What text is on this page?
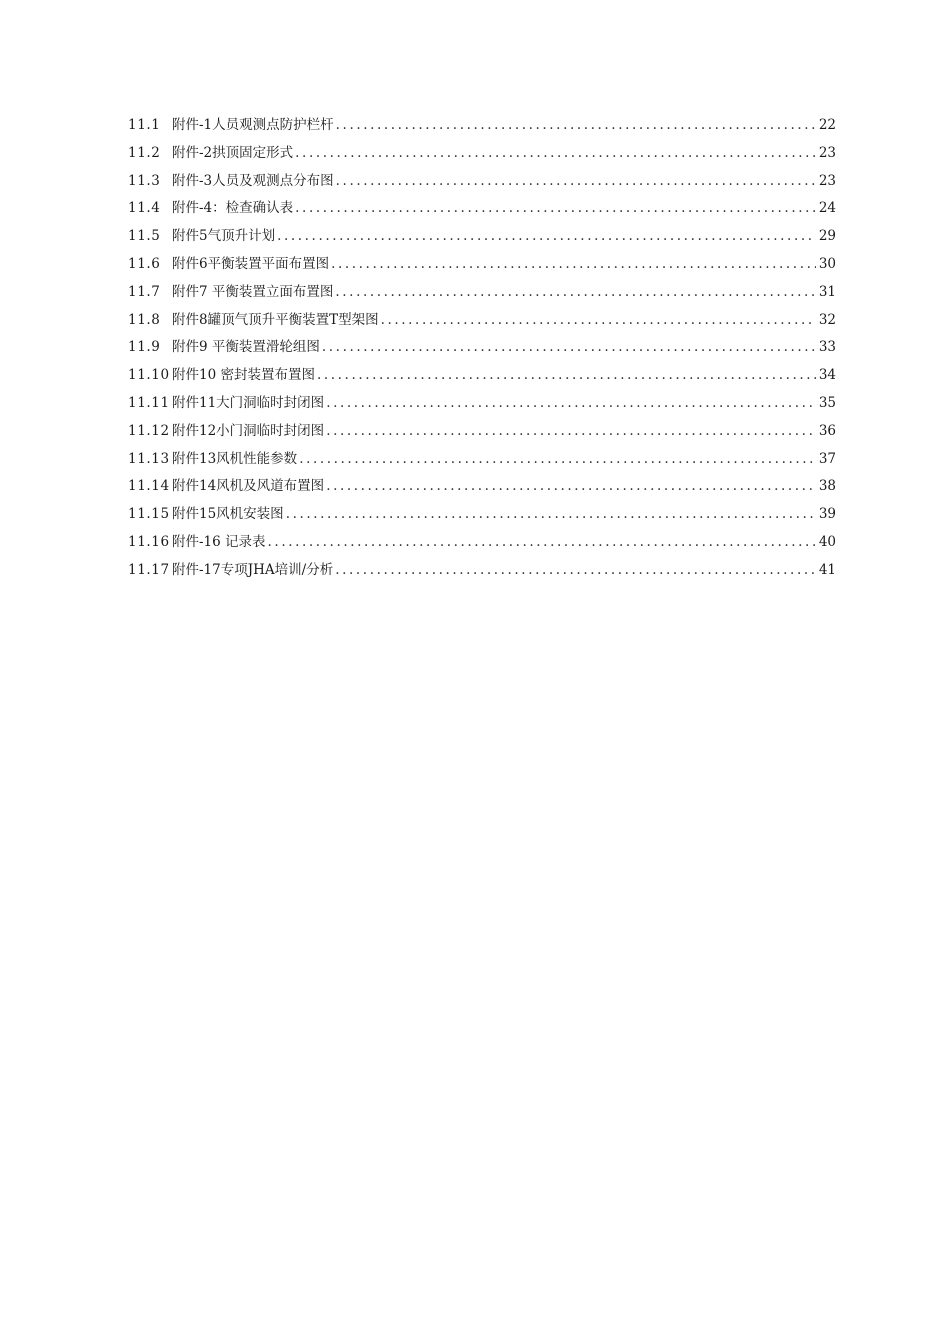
11.1 附件-1人员观测点防护栏杆 .....	22
11.2 附件-2拱顶固定形式 .....	23
11.3 附件-3人员及观测点分布图 .....	23
11.4 附件-4：检查确认表 .....	24
11.5 附件5气顶升计划 .....	29
11.6 附件6平衡装置平面布置图 .....	30
11.7 附件7 平衡装置立面布置图 .....	31
11.8 附件8罐顶气顶升平衡装置T型架图 .....	32
11.9 附件9 平衡装置滑轮组图 .....	33
11.10 附件10 密封装置布置图 .....	34
11.11 附件11大门洞临时封闭图 .....	35
11.12 附件12小门洞临时封闭图 .....	36
11.13 附件13风机性能参数 .....	37
11.14 附件14风机及风道布置图 .....	38
11.15 附件15风机安装图 .....	39
11.16 附件-16 记录表 .....	40
11.17 附件-17专项JHA培训/分析 .....	41
